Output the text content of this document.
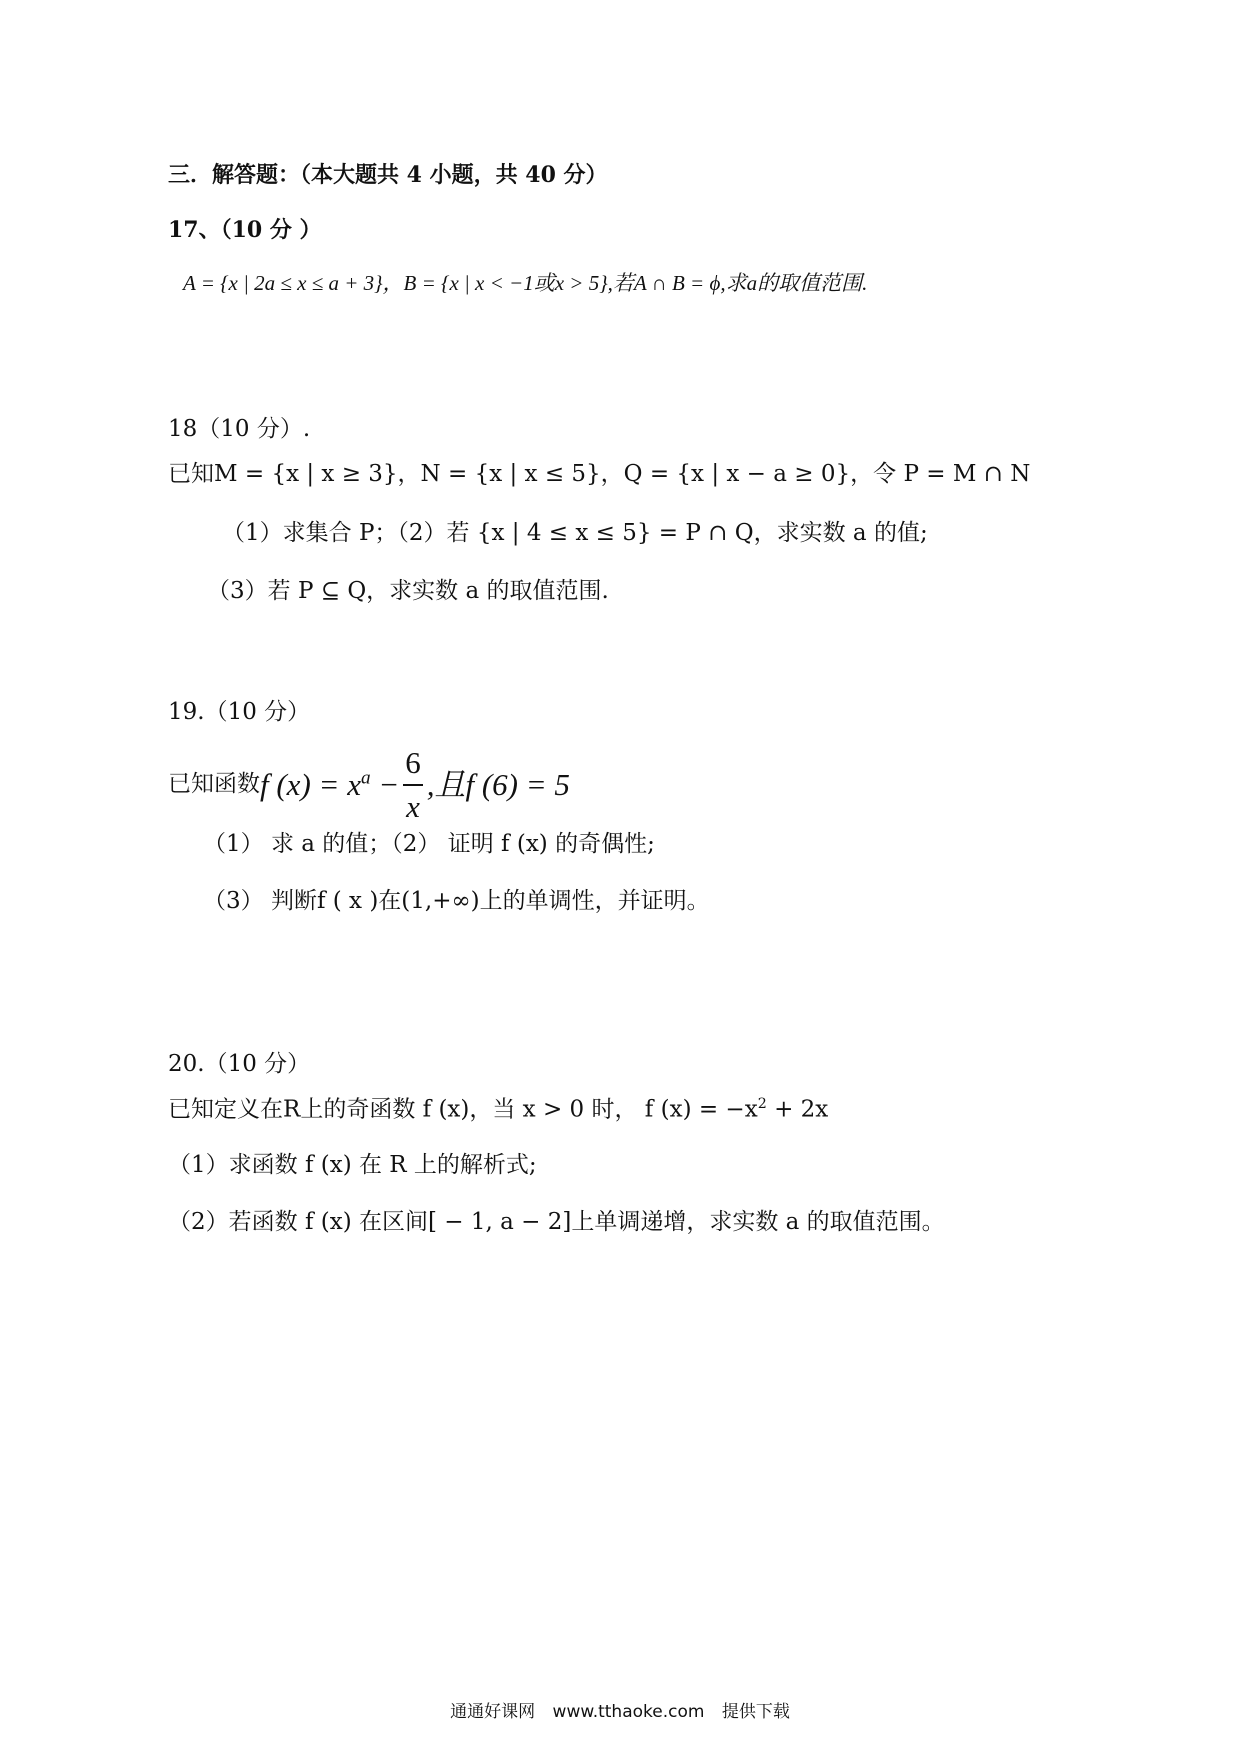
三．解答题：（本大题共 4 小题，共 40 分）
17、（10 分 ）
A = {x | 2a ≤ x ≤ a + 3}，B = {x | x < −1或x > 5},若A ∩ B = ϕ,求a的取值范围.
18（10 分）.
已知M = {x | x ≥ 3}，N = {x | x ≤ 5}，Q = {x | x − a ≥ 0}，令 P = M ∩ N
（1）求集合 P；（2）若 {x | 4 ≤ x ≤ 5} = P ∩ Q，求实数 a 的值;
（3）若 P ⊆ Q，求实数 a 的取值范围.
19.（10 分）
已知函数f $(x) = x^a - \frac{6}{x}$ ,且f (6) = 5
（1） 求 a 的值；（2） 证明 f (x) 的奇偶性;
（3） 判断f ( x )在(1,+∞)上的单调性，并证明。
20.（10 分）
已知定义在R上的奇函数 f (x)，当 x > 0 时， f $(x) = -x^2 + 2x$
（1）求函数 f (x) 在 R 上的解析式;
（2）若函数 f (x) 在区间[ − 1, a − 2]上单调递增，求实数 a 的取值范围。
通通好课网 www.tthaoke.com 提供下载
